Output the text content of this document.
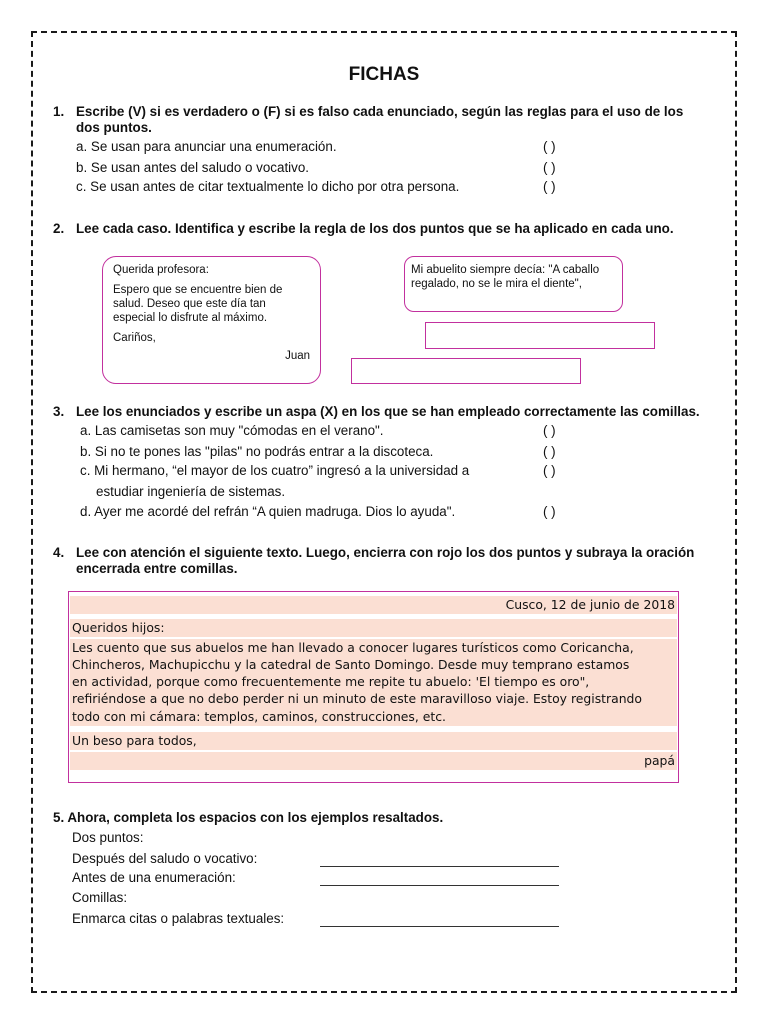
FICHAS
1. Escribe (V) si es verdadero o (F) si es falso cada enunciado, según las reglas para el uso de los
dos puntos.
a. Se usan para anunciar una enumeración.
b. Se usan antes del saludo o vocativo.
c. Se usan antes de citar textualmente lo dicho por otra persona.
( )
( )
( )
2. Lee cada caso. Identifica y escribe la regla de los dos puntos que se ha aplicado en cada uno.
Querida profesora:
Espero que se encuentre bien de salud. Deseo que este día tan especial lo disfrute al máximo.
Cariños,
Juan
Mi abuelito siempre decía: "A caballo regalado, no se le mira el diente",
3. Lee los enunciados y escribe un aspa (X) en los que se han empleado correctamente las comillas.
a. Las camisetas son muy "cómodas en el verano".
b. Si no te pones las "pilas" no podrás entrar a la discoteca.
c. Mi hermano, “el mayor de los cuatro” ingresó a la universidad a
estudiar ingeniería de sistemas.
d. Ayer me acordé del refrán “A quien madruga. Dios lo ayuda".
( )
( )
( )
( )
4. Lee con atención el siguiente texto. Luego, encierra con rojo los dos puntos y subraya la oración
encerrada entre comillas.
Cusco, 12 de junio de 2018
Queridos hijos:
Les cuento que sus abuelos me han llevado a conocer lugares turísticos como Coricancha,
Chincheros, Machupicchu y la catedral de Santo Domingo. Desde muy temprano estamos
en actividad, porque como frecuentemente me repite tu abuelo: 'El tiempo es oro",
refiriéndose a que no debo perder ni un minuto de este maravilloso viaje. Estoy registrando
todo con mi cámara: templos, caminos, construcciones, etc.
Un beso para todos,
papá
5. Ahora, completa los espacios con los ejemplos resaltados.
Dos puntos:
Después del saludo o vocativo:
Antes de una enumeración:
Comillas:
Enmarca citas o palabras textuales:
